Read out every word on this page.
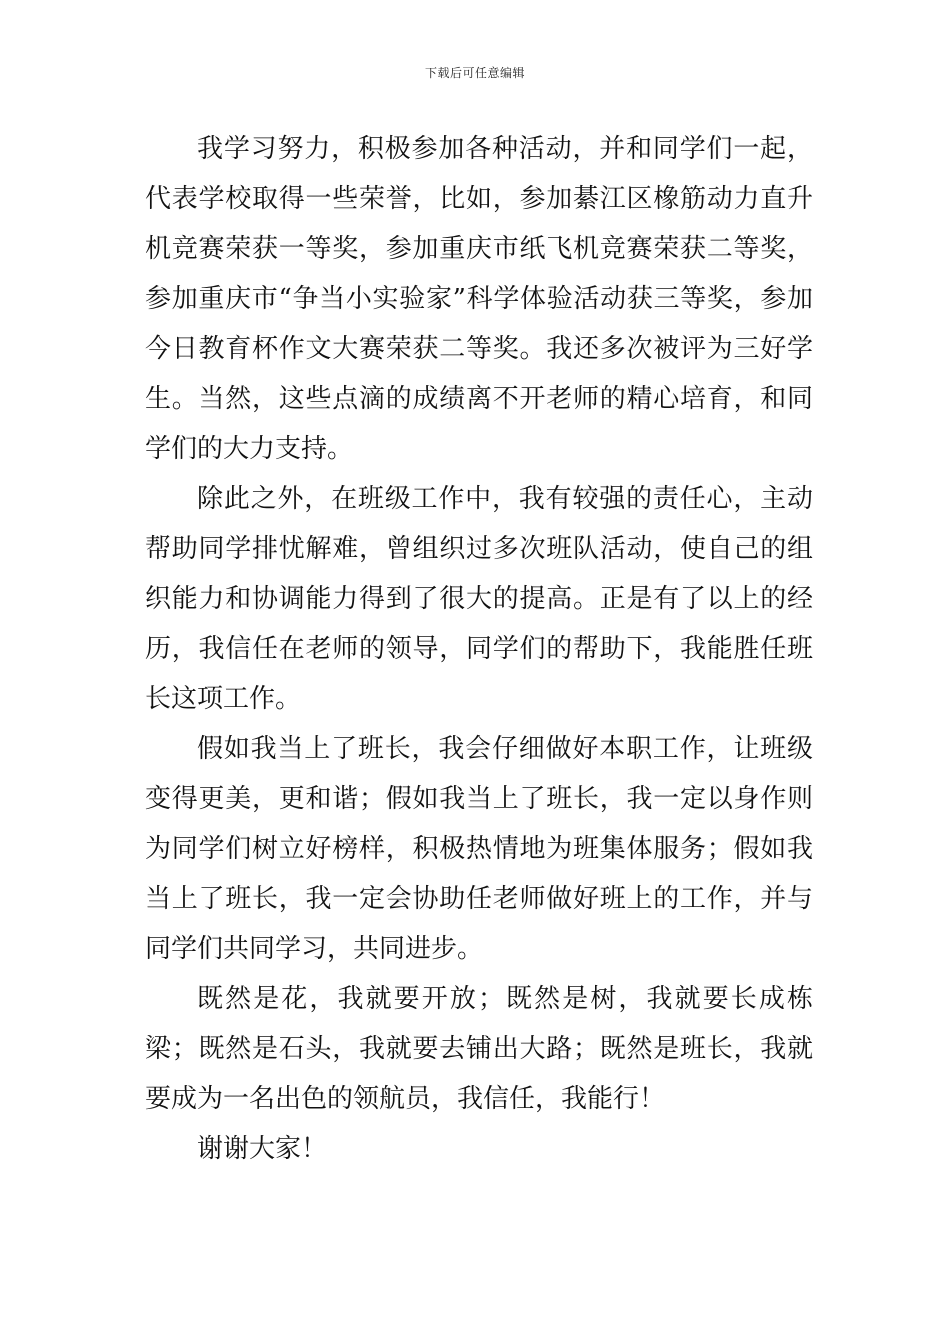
下载后可任意编辑

我学习努力，积极参加各种活动，并和同学们一起，代表学校取得一些荣誉，比如，参加綦江区橡筋动力直升机竞赛荣获一等奖，参加重庆市纸飞机竞赛荣获二等奖，参加重庆市“争当小实验家”科学体验活动获三等奖，参加今日教育杯作文大赛荣获二等奖。我还多次被评为三好学生。当然，这些点滴的成绩离不开老师的精心培育，和同学们的大力支持。

除此之外，在班级工作中，我有较强的责任心，主动帮助同学排忧解难，曾组织过多次班队活动，使自己的组织能力和协调能力得到了很大的提高。正是有了以上的经历，我信任在老师的领导，同学们的帮助下，我能胜任班长这项工作。

假如我当上了班长，我会仔细做好本职工作，让班级变得更美，更和谐；假如我当上了班长，我一定以身作则为同学们树立好榜样，积极热情地为班集体服务；假如我当上了班长，我一定会协助任老师做好班上的工作，并与同学们共同学习，共同进步。

既然是花，我就要开放；既然是树，我就要长成栋梁；既然是石头，我就要去铺出大路；既然是班长，我就要成为一名出色的领航员，我信任，我能行！

谢谢大家！
